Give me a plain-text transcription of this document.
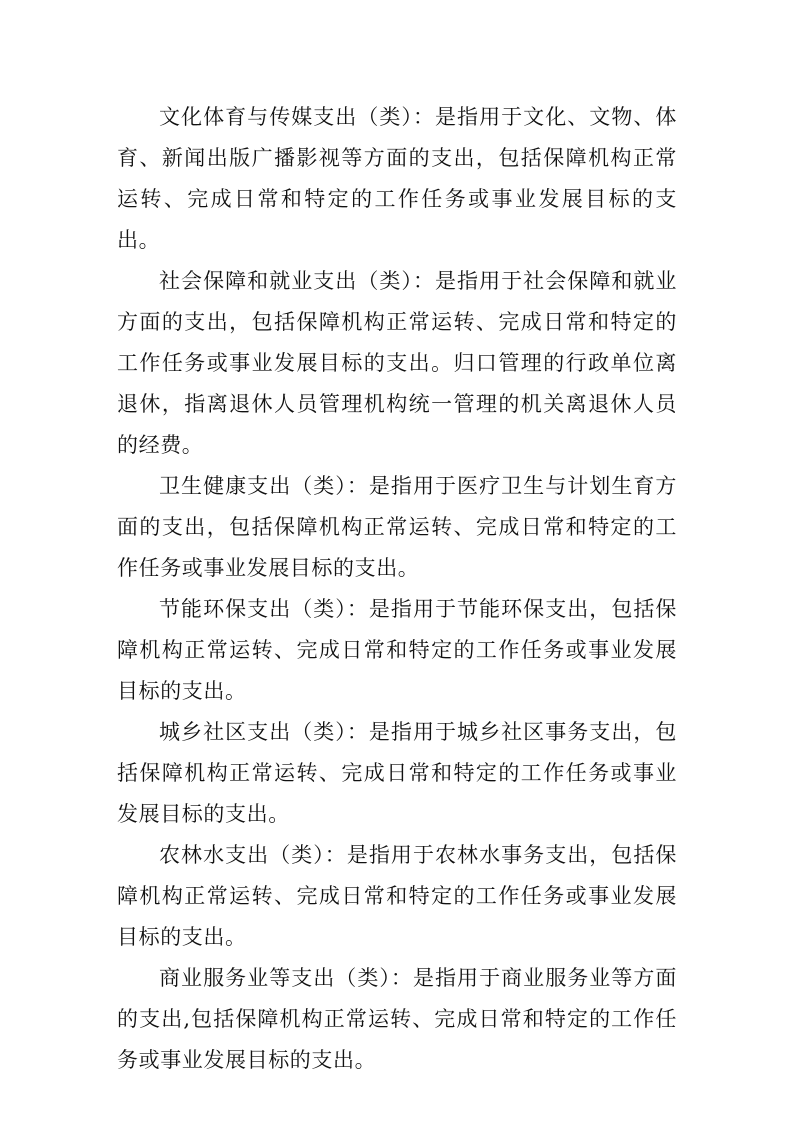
文化体育与传媒支出（类）：是指用于文化、文物、体育、新闻出版广播影视等方面的支出，包括保障机构正常运转、完成日常和特定的工作任务或事业发展目标的支出。

社会保障和就业支出（类）：是指用于社会保障和就业方面的支出，包括保障机构正常运转、完成日常和特定的工作任务或事业发展目标的支出。归口管理的行政单位离退休，指离退休人员管理机构统一管理的机关离退休人员的经费。

卫生健康支出（类）：是指用于医疗卫生与计划生育方面的支出，包括保障机构正常运转、完成日常和特定的工作任务或事业发展目标的支出。

节能环保支出（类）：是指用于节能环保支出，包括保障机构正常运转、完成日常和特定的工作任务或事业发展目标的支出。

城乡社区支出（类）：是指用于城乡社区事务支出，包括保障机构正常运转、完成日常和特定的工作任务或事业发展目标的支出。

农林水支出（类）：是指用于农林水事务支出，包括保障机构正常运转、完成日常和特定的工作任务或事业发展目标的支出。

商业服务业等支出（类）：是指用于商业服务业等方面的支出,包括保障机构正常运转、完成日常和特定的工作任务或事业发展目标的支出。
